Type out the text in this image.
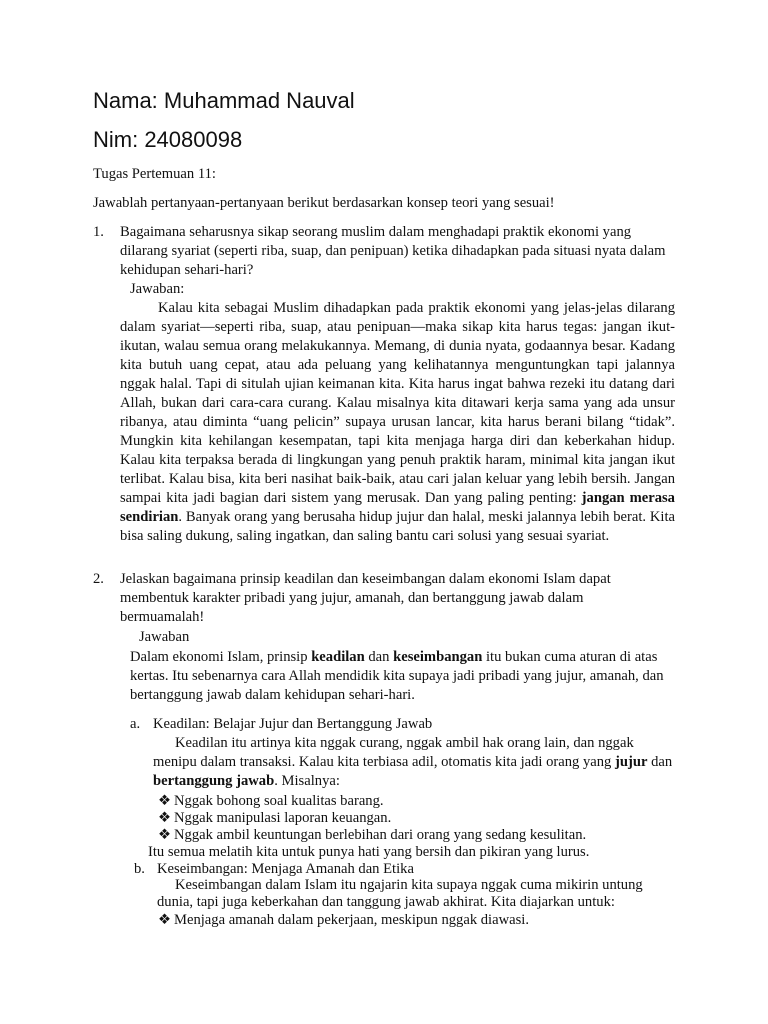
Nama: Muhammad Nauval
Nim: 24080098
Tugas Pertemuan 11:
Jawablah pertanyaan-pertanyaan berikut berdasarkan konsep teori yang sesuai!
1. Bagaimana seharusnya sikap seorang muslim dalam menghadapi praktik ekonomi yang dilarang syariat (seperti riba, suap, dan penipuan) ketika dihadapkan pada situasi nyata dalam kehidupan sehari-hari?
Jawaban:
Kalau kita sebagai Muslim dihadapkan pada praktik ekonomi yang jelas-jelas dilarang dalam syariat—seperti riba, suap, atau penipuan—maka sikap kita harus tegas: jangan ikut-ikutan, walau semua orang melakukannya. Memang, di dunia nyata, godaannya besar. Kadang kita butuh uang cepat, atau ada peluang yang kelihatannya menguntungkan tapi jalannya nggak halal. Tapi di situlah ujian keimanan kita. Kita harus ingat bahwa rezeki itu datang dari Allah, bukan dari cara-cara curang. Kalau misalnya kita ditawari kerja sama yang ada unsur ribanya, atau diminta “uang pelicin” supaya urusan lancar, kita harus berani bilang “tidak”. Mungkin kita kehilangan kesempatan, tapi kita menjaga harga diri dan keberkahan hidup. Kalau kita terpaksa berada di lingkungan yang penuh praktik haram, minimal kita jangan ikut terlibat. Kalau bisa, kita beri nasihat baik-baik, atau cari jalan keluar yang lebih bersih. Jangan sampai kita jadi bagian dari sistem yang merusak. Dan yang paling penting: jangan merasa sendirian. Banyak orang yang berusaha hidup jujur dan halal, meski jalannya lebih berat. Kita bisa saling dukung, saling ingatkan, dan saling bantu cari solusi yang sesuai syariat.
2. Jelaskan bagaimana prinsip keadilan dan keseimbangan dalam ekonomi Islam dapat membentuk karakter pribadi yang jujur, amanah, dan bertanggung jawab dalam bermuamalah!
Jawaban
Dalam ekonomi Islam, prinsip keadilan dan keseimbangan itu bukan cuma aturan di atas kertas. Itu sebenarnya cara Allah mendidik kita supaya jadi pribadi yang jujur, amanah, dan bertanggung jawab dalam kehidupan sehari-hari.
a. Keadilan: Belajar Jujur dan Bertanggung Jawab
Keadilan itu artinya kita nggak curang, nggak ambil hak orang lain, dan nggak menipu dalam transaksi. Kalau kita terbiasa adil, otomatis kita jadi orang yang jujur dan bertanggung jawab. Misalnya:
❖ Nggak bohong soal kualitas barang.
❖ Nggak manipulasi laporan keuangan.
❖ Nggak ambil keuntungan berlebihan dari orang yang sedang kesulitan.
Itu semua melatih kita untuk punya hati yang bersih dan pikiran yang lurus.
b. Keseimbangan: Menjaga Amanah dan Etika
Keseimbangan dalam Islam itu ngajarin kita supaya nggak cuma mikirin untung dunia, tapi juga keberkahan dan tanggung jawab akhirat. Kita diajarkan untuk:
❖ Menjaga amanah dalam pekerjaan, meskipun nggak diawasi.
